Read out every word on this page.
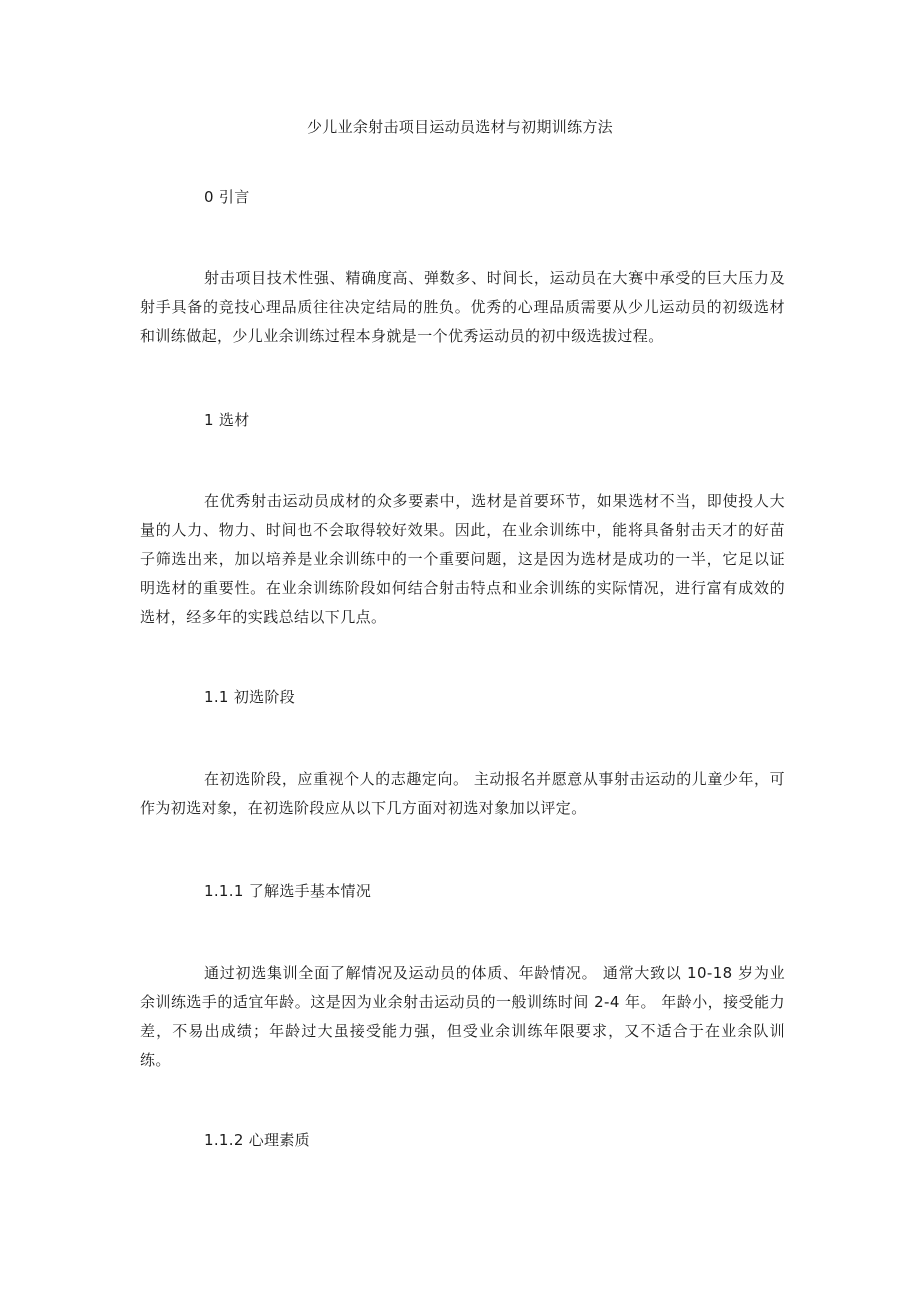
少儿业余射击项目运动员选材与初期训练方法
0 引言

射击项目技术性强、精确度高、弹数多、时间长，运动员在大赛中承受的巨大压力及射手具备的竞技心理品质往往决定结局的胜负。优秀的心理品质需要从少儿运动员的初级选材和训练做起，少儿业余训练过程本身就是一个优秀运动员的初中级选拔过程。

1 选材

在优秀射击运动员成材的众多要素中，选材是首要环节，如果选材不当，即使投人大量的人力、物力、时间也不会取得较好效果。因此，在业余训练中，能将具备射击天才的好苗子筛选出来，加以培养是业余训练中的一个重要问题，这是因为选材是成功的一半，它足以证明选材的重要性。在业余训练阶段如何结合射击特点和业余训练的实际情况，进行富有成效的选材，经多年的实践总结以下几点。

1.1 初选阶段

在初选阶段，应重视个人的志趣定向。 主动报名并愿意从事射击运动的儿童少年，可作为初选对象，在初选阶段应从以下几方面对初选对象加以评定。

1.1.1 了解选手基本情况

通过初选集训全面了解情况及运动员的体质、年龄情况。 通常大致以 10-18 岁为业余训练选手的适宜年龄。这是因为业余射击运动员的一般训练时间 2-4 年。 年龄小，接受能力差，不易出成绩；年龄过大虽接受能力强，但受业余训练年限要求，又不适合于在业余队训练。

1.1.2 心理素质
